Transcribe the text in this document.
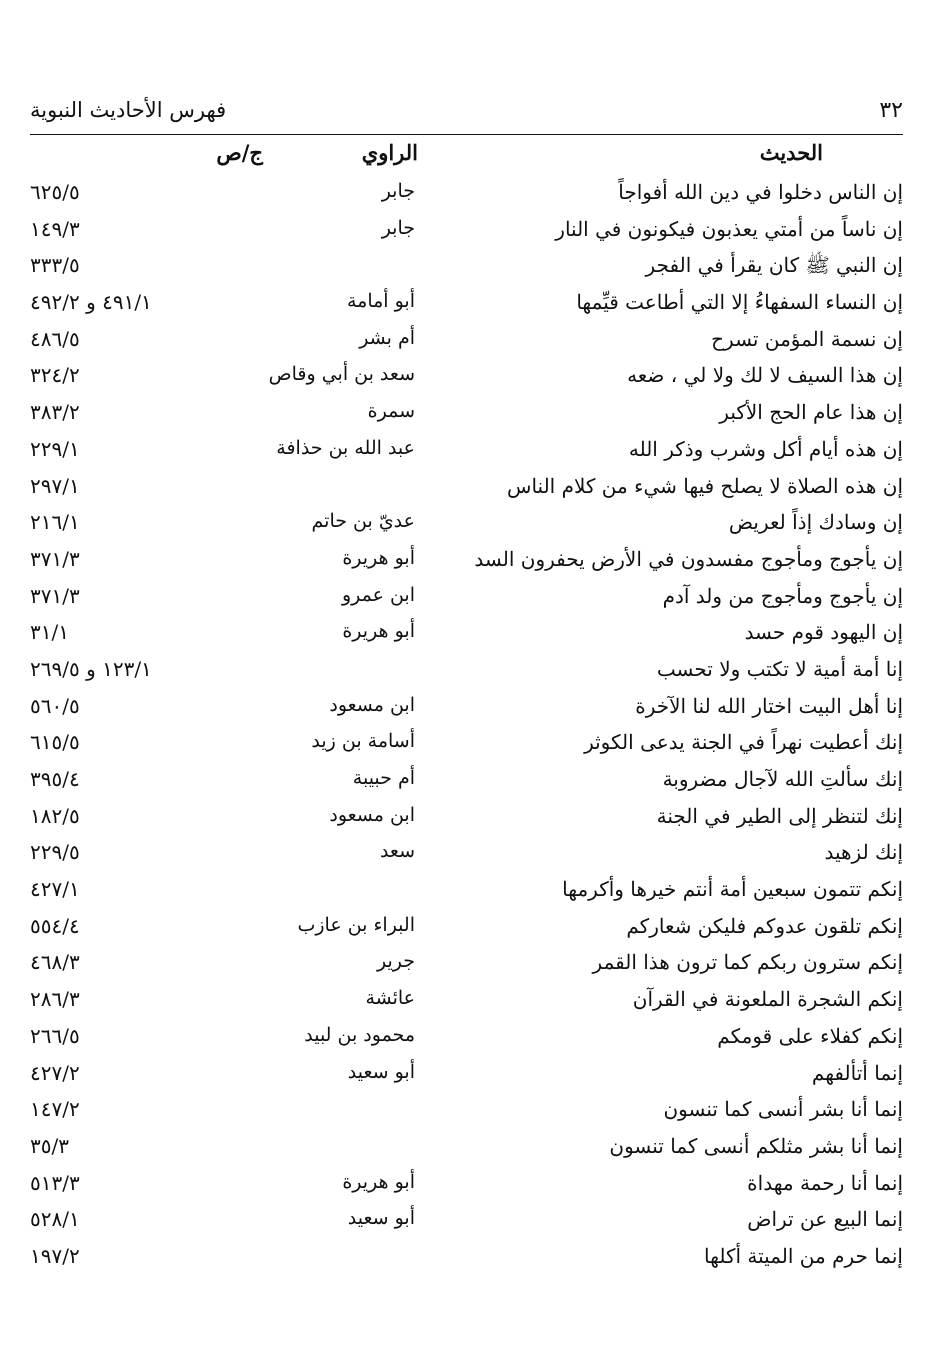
٣٢
فهرس الأحاديث النبوية
الحديث
الراوي
ج/ص
إن الناس دخلوا في دين الله أفواجاً
جابر
٦٢٥/٥
إن ناساً من أمتي يعذبون فيكونون في النار
جابر
١٤٩/٣
إن النبي ﷺ كان يقرأ في الفجر
٣٣٣/٥
إن النساء السفهاءُ إلا التي أطاعت قيِّمها
أبو أمامة
٤٩١/١ و ٤٩٢/٢
إن نسمة المؤمن تسرح
أم بشر
٤٨٦/٥
إن هذا السيف لا لك ولا لي ، ضعه
سعد بن أبي وقاص
٣٢٤/٢
إن هذا عام الحج الأكبر
سمرة
٣٨٣/٢
إن هذه أيام أكل وشرب وذكر الله
عبد الله بن حذافة
٢٢٩/١
إن هذه الصلاة لا يصلح فيها شيء من كلام الناس
٢٩٧/١
إن وسادك إذاً لعريض
عديّ بن حاتم
٢١٦/١
إن يأجوج ومأجوج مفسدون في الأرض يحفرون السد
أبو هريرة
٣٧١/٣
إن يأجوج ومأجوج من ولد آدم
ابن عمرو
٣٧١/٣
إن اليهود قوم حسد
أبو هريرة
٣١/١
إنا أمة أمية لا تكتب ولا تحسب
١٢٣/١ و ٢٦٩/٥
إنا أهل البيت اختار الله لنا الآخرة
ابن مسعود
٥٦٠/٥
إنك أعطيت نهراً في الجنة يدعى الكوثر
أسامة بن زيد
٦١٥/٥
إنك سألتِ الله لآجال مضروبة
أم حبيبة
٣٩٥/٤
إنك لتنظر إلى الطير في الجنة
ابن مسعود
١٨٢/٥
إنك لزهيد
سعد
٢٢٩/٥
إنكم تتمون سبعين أمة أنتم خيرها وأكرمها
٤٢٧/١
إنكم تلقون عدوكم فليكن شعاركم
البراء بن عازب
٥٥٤/٤
إنكم سترون ربكم كما ترون هذا القمر
جرير
٤٦٨/٣
إنكم الشجرة الملعونة في القرآن
عائشة
٢٨٦/٣
إنكم كفلاء على قومكم
محمود بن لبيد
٢٦٦/٥
إنما أتألفهم
أبو سعيد
٤٢٧/٢
إنما أنا بشر أنسى كما تنسون
١٤٧/٢
إنما أنا بشر مثلكم أنسى كما تنسون
٣٥/٣
إنما أنا رحمة مهداة
أبو هريرة
٥١٣/٣
إنما البيع عن تراض
أبو سعيد
٥٢٨/١
إنما حرم من الميتة أكلها
١٩٧/٢
